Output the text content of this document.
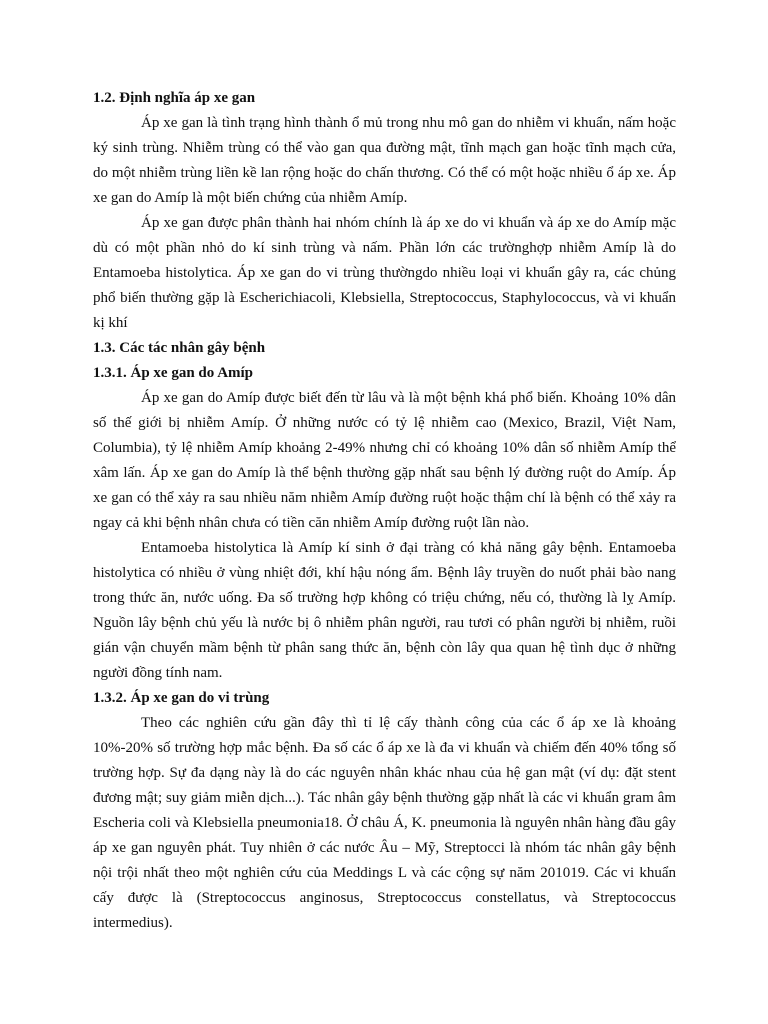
1.2. Định nghĩa áp xe gan

Áp xe gan là tình trạng hình thành ổ mủ trong nhu mô gan do nhiễm vi khuẩn, nấm hoặc ký sinh trùng. Nhiễm trùng có thể vào gan qua đường mật, tĩnh mạch gan hoặc tĩnh mạch cửa, do một nhiễm trùng liền kề lan rộng hoặc do chấn thương. Có thể có một hoặc nhiều ổ áp xe. Áp xe gan do Amíp là một biến chứng của nhiễm Amíp.

Áp xe gan được phân thành hai nhóm chính là áp xe do vi khuẩn và áp xe do Amíp mặc dù có một phần nhỏ do kí sinh trùng và nấm. Phần lớn các trườnghợp nhiễm Amíp là do Entamoeba histolytica. Áp xe gan do vi trùng thườngdo nhiều loại vi khuẩn gây ra, các chủng phổ biến thường gặp là Escherichiacoli, Klebsiella, Streptococcus, Staphylococcus, và vi khuẩn kị khí

1.3. Các tác nhân gây bệnh

1.3.1. Áp xe gan do Amíp

Áp xe gan do Amíp được biết đến từ lâu và là một bệnh khá phổ biến. Khoảng 10% dân số thế giới bị nhiễm Amíp. Ở những nước có tỷ lệ nhiễm cao (Mexico, Brazil, Việt Nam, Columbia), tỷ lệ nhiễm Amíp khoảng 2-49% nhưng chỉ có khoảng 10% dân số nhiễm Amíp thể xâm lấn. Áp xe gan do Amíp là thể bệnh thường gặp nhất sau bệnh lý đường ruột do Amíp. Áp xe gan có thể xảy ra sau nhiều năm nhiễm Amíp đường ruột hoặc thậm chí là bệnh có thể xảy ra ngay cả khi bệnh nhân chưa có tiền căn nhiễm Amíp đường ruột lần nào.

Entamoeba histolytica là Amíp kí sinh ở đại tràng có khả năng gây bệnh. Entamoeba histolytica có nhiều ở vùng nhiệt đới, khí hậu nóng ẩm. Bệnh lây truyền do nuốt phải bào nang trong thức ăn, nước uống. Đa số trường hợp không có triệu chứng, nếu có, thường là lỵ Amíp. Nguồn lây bệnh chủ yếu là nước bị ô nhiễm phân người, rau tươi có phân người bị nhiễm, ruồi gián vận chuyển mầm bệnh từ phân sang thức ăn, bệnh còn lây qua quan hệ tình dục ở những người đồng tính nam.

1.3.2. Áp xe gan do vi trùng

Theo các nghiên cứu gần đây thì tỉ lệ cấy thành công của các ổ áp xe là khoảng 10%-20% số trường hợp mắc bệnh. Đa số các ổ áp xe là đa vi khuẩn và chiếm đến 40% tổng số trường hợp. Sự đa dạng này là do các nguyên nhân khác nhau của hệ gan mật (ví dụ: đặt stent đương mật; suy giảm miễn dịch...). Tác nhân gây bệnh thường gặp nhất là các vi khuẩn gram âm Escheria coli và Klebsiella pneumonia18. Ở châu Á, K. pneumonia là nguyên nhân hàng đầu gây áp xe gan nguyên phát. Tuy nhiên ở các nước Âu – Mỹ, Streptocci là nhóm tác nhân gây bệnh nội trội nhất theo một nghiên cứu của Meddings L và các cộng sự năm 201019. Các vi khuẩn cấy được là (Streptococcus anginosus, Streptococcus constellatus, và Streptococcus intermedius).
